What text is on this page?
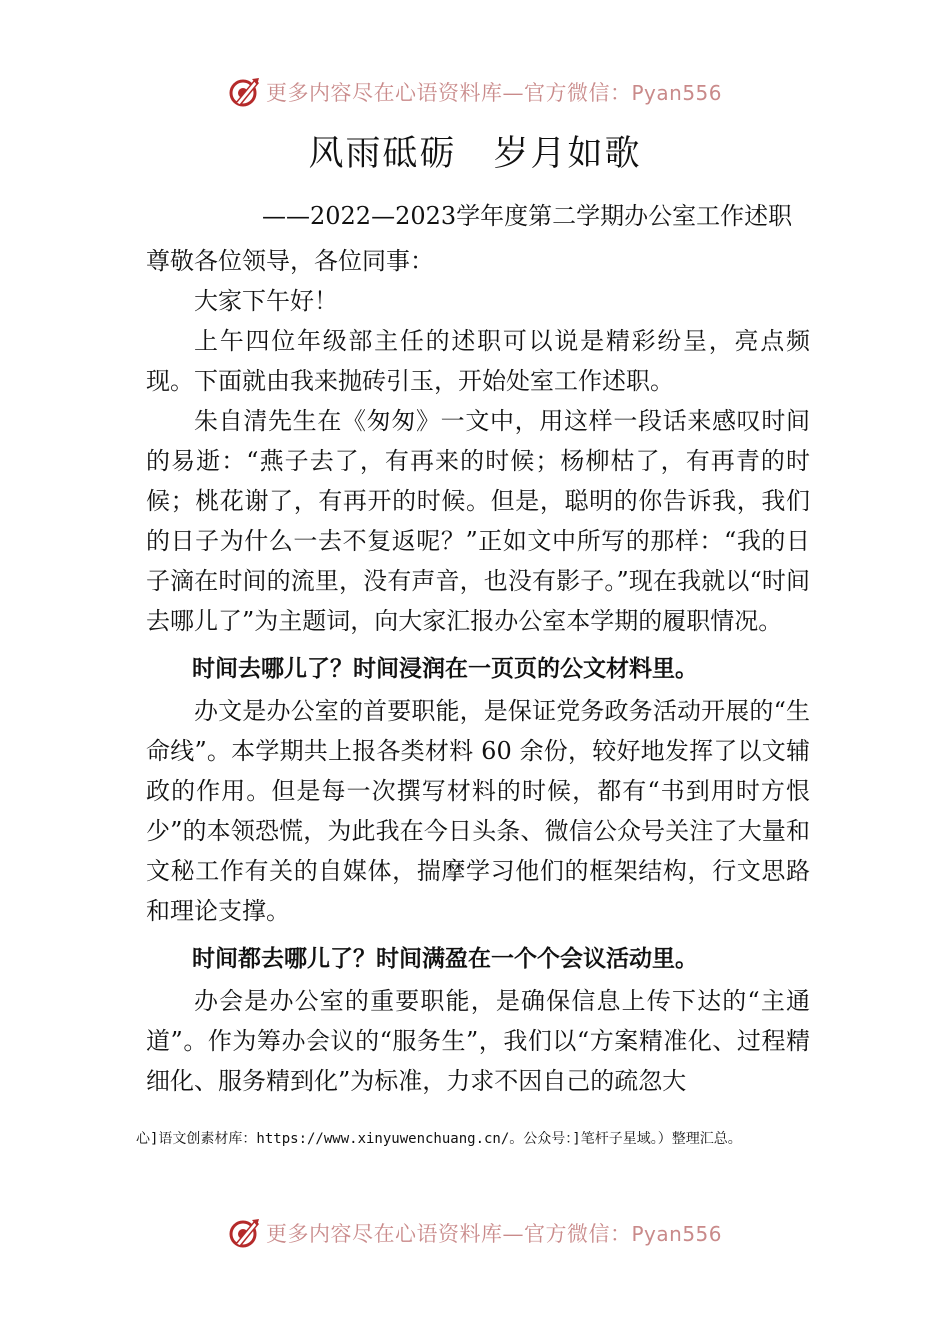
更多内容尽在心语资料库—官方微信：Pyan556
风雨砥砺　岁月如歌
——2022—2023学年度第二学期办公室工作述职

尊敬各位领导，各位同事：

大家下午好！

上午四位年级部主任的述职可以说是精彩纷呈，亮点频现。下面就由我来抛砖引玉，开始处室工作述职。

朱自清先生在《匆匆》一文中，用这样一段话来感叹时间的易逝：“燕子去了，有再来的时候；杨柳枯了，有再青的时候；桃花谢了，有再开的时候。但是，聪明的你告诉我，我们的日子为什么一去不复返呢？”正如文中所写的那样：“我的日子滴在时间的流里，没有声音，也没有影子。”现在我就以“时间去哪儿了”为主题词，向大家汇报办公室本学期的履职情况。

时间去哪儿了？时间浸润在一页页的公文材料里。

办文是办公室的首要职能，是保证党务政务活动开展的“生命线”。本学期共上报各类材料 60 余份，较好地发挥了以文辅政的作用。但是每一次撰写材料的时候，都有“书到用时方恨少”的本领恐慌，为此我在今日头条、微信公众号关注了大量和文秘工作有关的自媒体，揣摩学习他们的框架结构，行文思路和理论支撑。

时间都去哪儿了？时间满盈在一个个会议活动里。

办会是办公室的重要职能，是确保信息上传下达的“主通道”。作为筹办会议的“服务生”，我们以“方案精准化、过程精细化、服务精到化”为标准，力求不因自己的疏忽大

心]语文创素材库：https://www.xinyuwenchuang.cn/。公众号：]笔杆子星域。）整理汇总。
更多内容尽在心语资料库—官方微信：Pyan556
